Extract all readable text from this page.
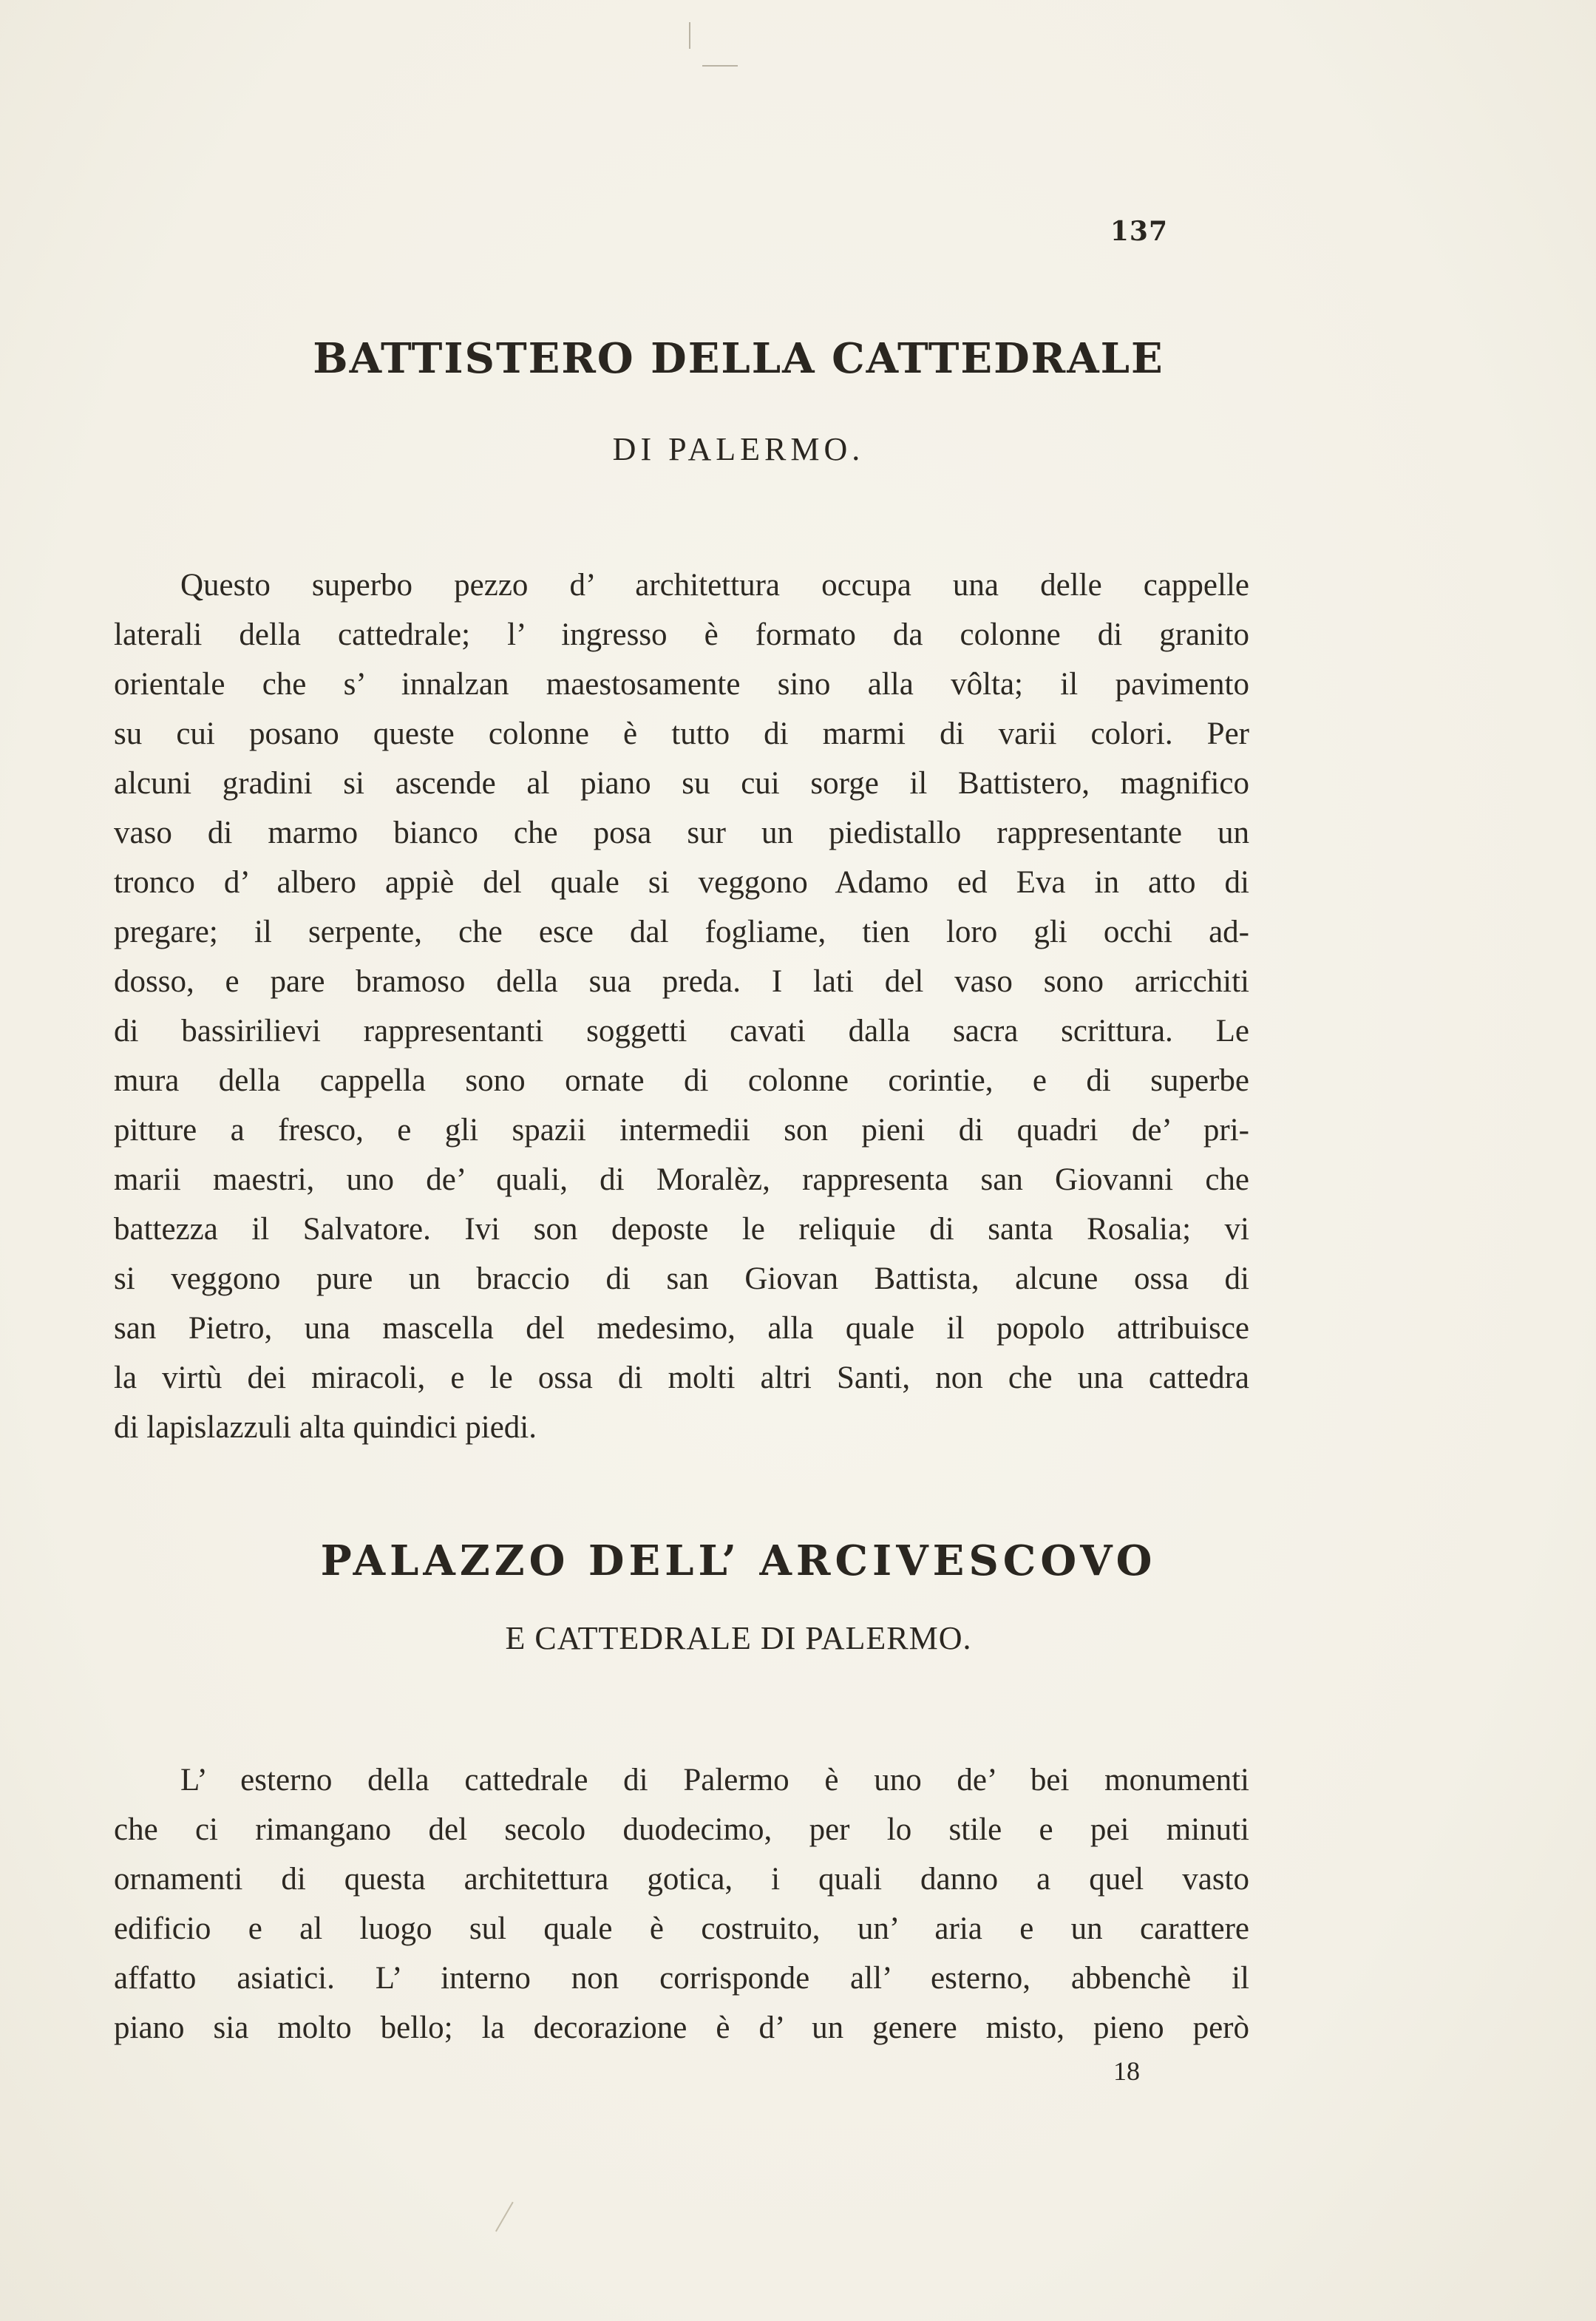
137
BATTISTERO DELLA CATTEDRALE
DI PALERMO.
Questo superbo pezzo d’ architettura occupa una delle cappelle
laterali della cattedrale; l’ ingresso è formato da colonne di granito
orientale che s’ innalzan maestosamente sino alla vôlta; il pavimento
su cui posano queste colonne è tutto di marmi di varii colori. Per
alcuni gradini si ascende al piano su cui sorge il Battistero, magnifico
vaso di marmo bianco che posa sur un piedistallo rappresentante un
tronco d’ albero appiè del quale si veggono Adamo ed Eva in atto di
pregare; il serpente, che esce dal fogliame, tien loro gli occhi ad-
dosso, e pare bramoso della sua preda. I lati del vaso sono arricchiti
di bassirilievi rappresentanti soggetti cavati dalla sacra scrittura. Le
mura della cappella sono ornate di colonne corintie, e di superbe
pitture a fresco, e gli spazii intermedii son pieni di quadri de’ pri-
marii maestri, uno de’ quali, di Moralèz, rappresenta san Giovanni che
battezza il Salvatore. Ivi son deposte le reliquie di santa Rosalia; vi
si veggono pure un braccio di san Giovan Battista, alcune ossa di
san Pietro, una mascella del medesimo, alla quale il popolo attribuisce
la virtù dei miracoli, e le ossa di molti altri Santi, non che una cattedra
di lapislazzuli alta quindici piedi.
PALAZZO DELL’ ARCIVESCOVO
E CATTEDRALE DI PALERMO.
L’ esterno della cattedrale di Palermo è uno de’ bei monumenti
che ci rimangano del secolo duodecimo, per lo stile e pei minuti
ornamenti di questa architettura gotica, i quali danno a quel vasto
edificio e al luogo sul quale è costruito, un’ aria e un carattere
affatto asiatici. L’ interno non corrisponde all’ esterno, abbenchè il
piano sia molto bello; la decorazione è d’ un genere misto, pieno però
18
